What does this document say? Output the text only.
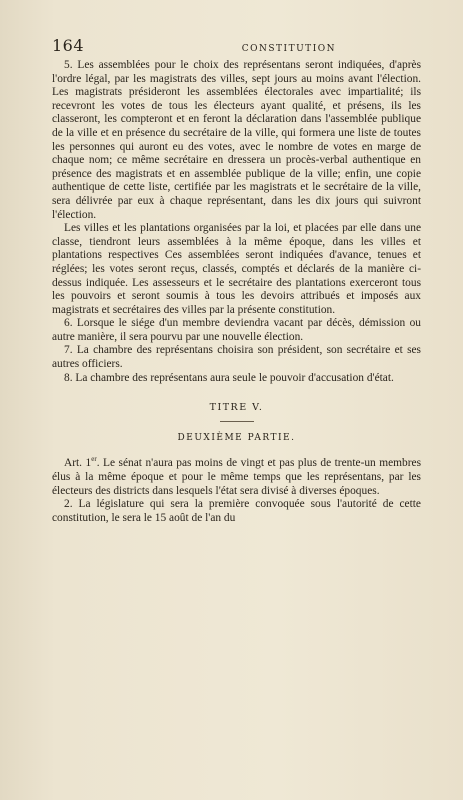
164	CONSTITUTION

5. Les assemblées pour le choix des représentans seront indiquées, d'après l'ordre légal, par les magistrats des villes, sept jours au moins avant l'élection. Les magistrats présideront les assemblées électorales avec impartialité; ils recevront les votes de tous les électeurs ayant qualité, et présens, ils les classeront, les compteront et en feront la déclaration dans l'assemblée publique de la ville et en présence du secrétaire de la ville, qui formera une liste de toutes les personnes qui auront eu des votes, avec le nombre de votes en marge de chaque nom; ce même secrétaire en dressera un procès-verbal authentique en présence des magistrats et en assemblée publique de la ville; enfin, une copie authentique de cette liste, certifiée par les magistrats et le secrétaire de la ville, sera délivrée par eux à chaque représentant, dans les dix jours qui suivront l'élection.

Les villes et les plantations organisées par la loi, et placées par elle dans une classe, tiendront leurs assemblées à la même époque, dans les villes et plantations respectives Ces assemblées seront indiquées d'avance, tenues et réglées; les votes seront reçus, classés, comptés et déclarés de la manière ci-dessus indiquée. Les assesseurs et le secrétaire des plantations exerceront tous les pouvoirs et seront soumis à tous les devoirs attribués et imposés aux magistrats et secrétaires des villes par la présente constitution.

6. Lorsque le siége d'un membre deviendra vacant par décès, démission ou autre manière, il sera pourvu par une nouvelle élection.

7. La chambre des représentans choisira son président, son secrétaire et ses autres officiers.

8. La chambre des représentans aura seule le pouvoir d'accusation d'état.

TITRE V.
DEUXIÈME PARTIE.

Art. 1er. Le sénat n'aura pas moins de vingt et pas plus de trente-un membres élus à la même époque et pour le même temps que les représentans, par les électeurs des districts dans lesquels l'état sera divisé à diverses époques.

2. La législature qui sera la première convoquée sous l'autorité de cette constitution, le sera le 15 août de l'an du
